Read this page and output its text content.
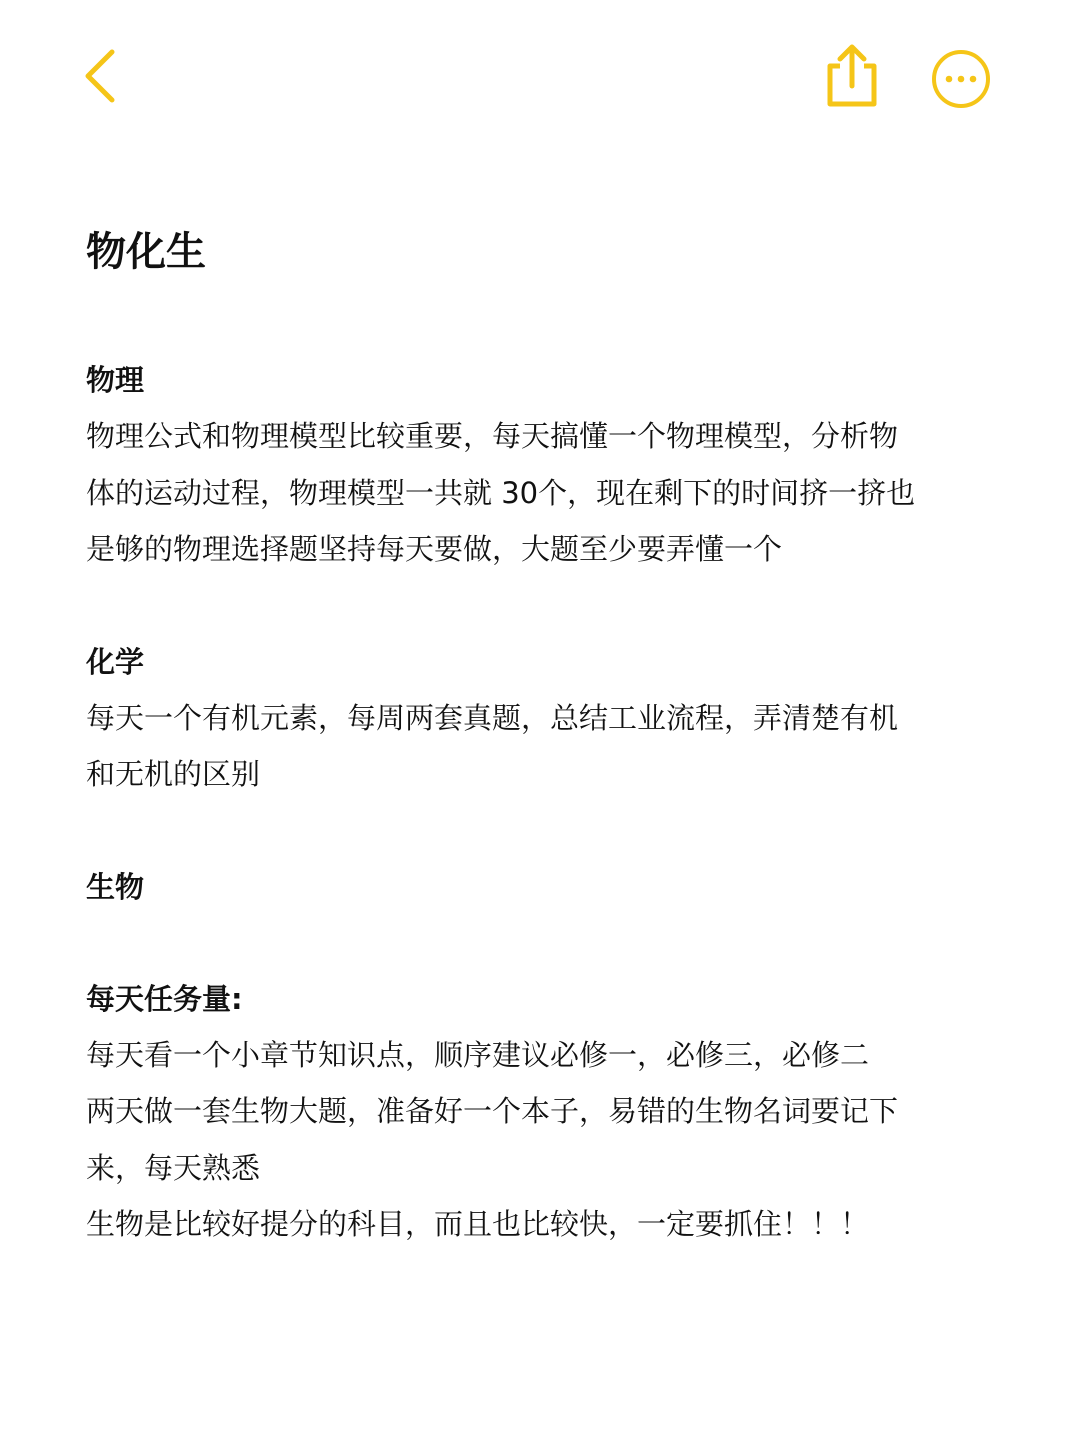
物化生

物理

物理公式和物理模型比较重要，每天搞懂一个物理模型，分析物
体的运动过程，物理模型一共就 30个，现在剩下的时间挤一挤也
是够的物理选择题坚持每天要做，大题至少要弄懂一个

化学

每天一个有机元素，每周两套真题，总结工业流程，弄清楚有机
和无机的区别

生物

每天任务量:

每天看一个小章节知识点，顺序建议必修一，必修三，必修二
两天做一套生物大题，准备好一个本子，易错的生物名词要记下
来，每天熟悉
生物是比较好提分的科目，而且也比较快，一定要抓住！！！
